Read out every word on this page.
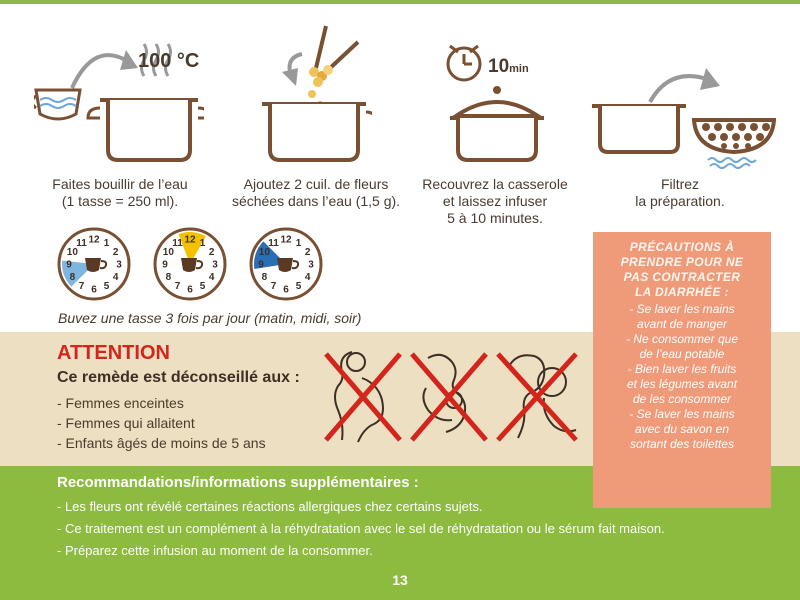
100 °C
Faites bouillir de l’eau
(1 tasse = 250 ml).
Ajoutez 2 cuil. de fleurs
séchées dans l’eau (1,5 g).
10min
Recouvrez la casserole
et laissez infuser
5 à 10 minutes.
Filtrez
la préparation.
1
2
3
4
5
6
7
8
9
10
11 12	1
2
3
4
5
6
7
8
9
10
11 12	1
2
3
4
5
6
7
8
9
10
11 12
Buvez une tasse 3 fois par jour (matin, midi, soir)
ATTENTION
Ce remède est déconseillé aux :
- Femmes enceintes
- Femmes qui allaitent
- Enfants âgés de moins de 5 ans
Recommandations/informations supplémentaires :
- Les fleurs ont révélé certaines réactions allergiques chez certains sujets.
- Ce traitement est un complément à la réhydratation avec le sel de réhydratation ou le sérum fait maison.
- Préparez cette infusion au moment de la consommer.
PRÉCAUTIONS À
PRENDRE POUR NE
PAS CONTRACTER
LA DIARRHÉE :
- Se laver les mains
avant de manger
- Ne consommer que
de l’eau potable
- Bien laver les fruits
et les légumes avant
de les consommer
- Se laver les mains
avec du savon en
sortant des toilettes
13
